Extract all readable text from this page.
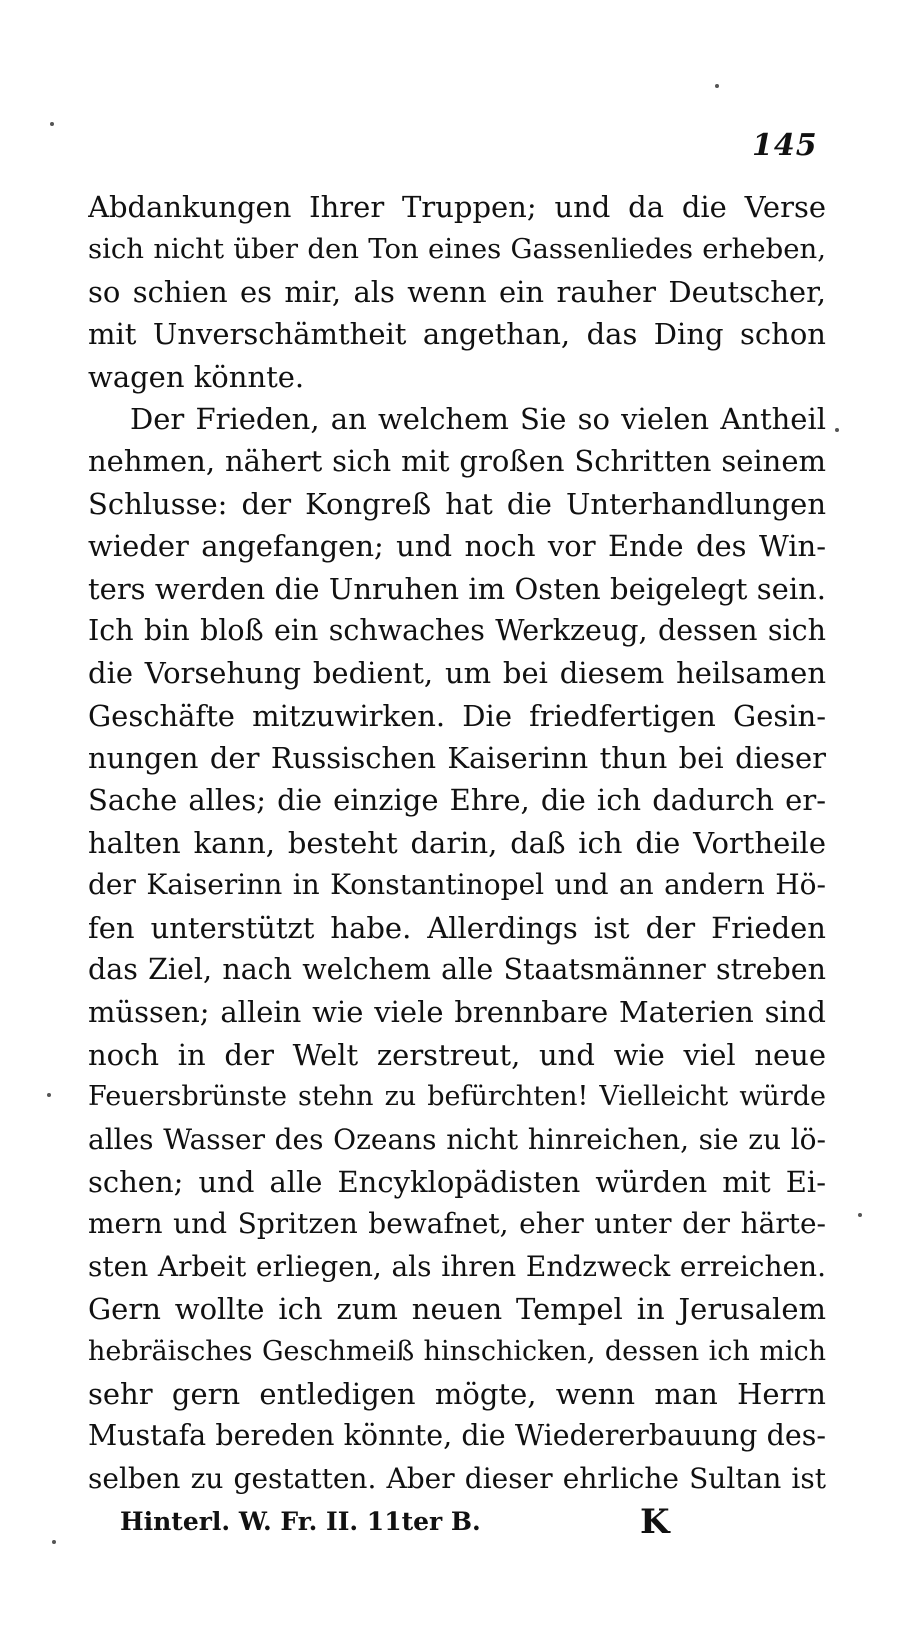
145
Abdankungen Ihrer Truppen; und da die Verse
sich nicht über den Ton eines Gassenliedes erheben,
so schien es mir, als wenn ein rauher Deutscher,
mit Unverschämtheit angethan, das Ding schon
wagen könnte.
Der Frieden, an welchem Sie so vielen Antheil
nehmen, nähert sich mit großen Schritten seinem
Schlusse: der Kongreß hat die Unterhandlungen
wieder angefangen; und noch vor Ende des Win-
ters werden die Unruhen im Osten beigelegt sein.
Ich bin bloß ein schwaches Werkzeug, dessen sich
die Vorsehung bedient, um bei diesem heilsamen
Geschäfte mitzuwirken. Die friedfertigen Gesin-
nungen der Russischen Kaiserinn thun bei dieser
Sache alles; die einzige Ehre, die ich dadurch er-
halten kann, besteht darin, daß ich die Vortheile
der Kaiserinn in Konstantinopel und an andern Hö-
fen unterstützt habe. Allerdings ist der Frieden
das Ziel, nach welchem alle Staatsmänner streben
müssen; allein wie viele brennbare Materien sind
noch in der Welt zerstreut, und wie viel neue
Feuersbrünste stehn zu befürchten! Vielleicht würde
alles Wasser des Ozeans nicht hinreichen, sie zu lö-
schen; und alle Encyklopädisten würden mit Ei-
mern und Spritzen bewafnet, eher unter der härte-
sten Arbeit erliegen, als ihren Endzweck erreichen.
Gern wollte ich zum neuen Tempel in Jerusalem
hebräisches Geschmeiß hinschicken, dessen ich mich
sehr gern entledigen mögte, wenn man Herrn
Mustafa bereden könnte, die Wiedererbauung des-
selben zu gestatten. Aber dieser ehrliche Sultan ist
Hinterl. W. Fr. II. 11ter B.	K
